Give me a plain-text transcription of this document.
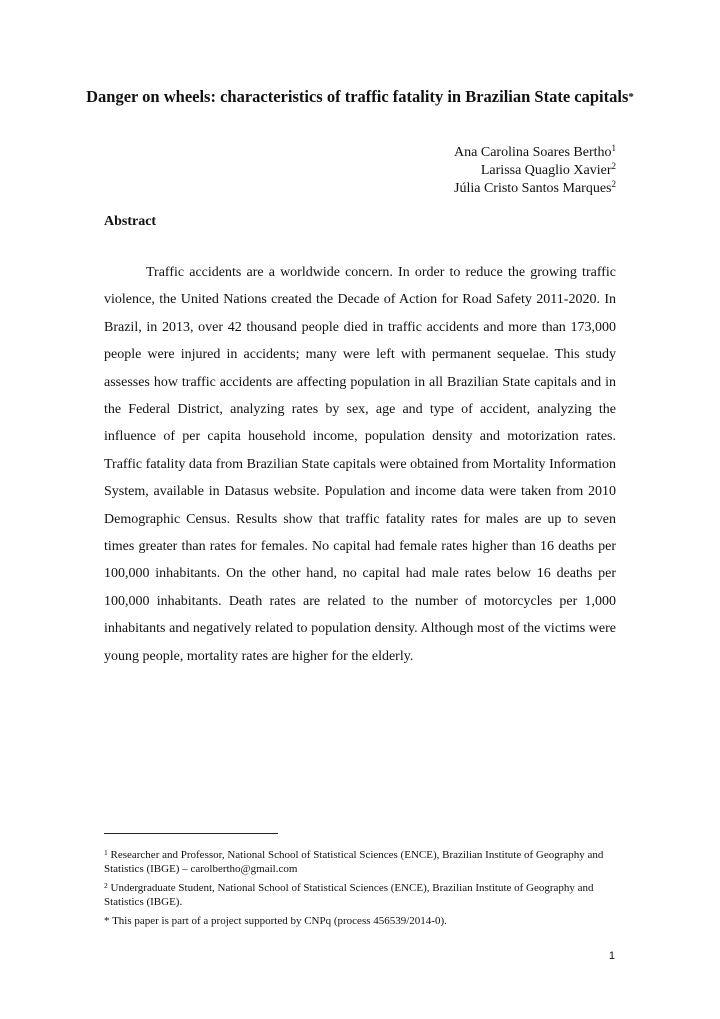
Danger on wheels: characteristics of traffic fatality in Brazilian State capitals*
Ana Carolina Soares Bertho$^1$
Larissa Quaglio Xavier$^2$
Júlia Cristo Santos Marques$^2$
Abstract

Traffic accidents are a worldwide concern. In order to reduce the growing traffic violence, the United Nations created the Decade of Action for Road Safety 2011-2020. In Brazil, in 2013, over 42 thousand people died in traffic accidents and more than 173,000 people were injured in accidents; many were left with permanent sequelae. This study assesses how traffic accidents are affecting population in all Brazilian State capitals and in the Federal District, analyzing rates by sex, age and type of accident, analyzing the influence of per capita household income, population density and motorization rates. Traffic fatality data from Brazilian State capitals were obtained from Mortality Information System, available in Datasus website. Population and income data were taken from 2010 Demographic Census. Results show that traffic fatality rates for males are up to seven times greater than rates for females. No capital had female rates higher than 16 deaths per 100,000 inhabitants. On the other hand, no capital had male rates below 16 deaths per 100,000 inhabitants. Death rates are related to the number of motorcycles per 1,000 inhabitants and negatively related to population density. Although most of the victims were young people, mortality rates are higher for the elderly.

$^1$ Researcher and Professor, National School of Statistical Sciences (ENCE), Brazilian Institute of Geography and Statistics (IBGE) – carolbertho@gmail.com

$^2$ Undergraduate Student, National School of Statistical Sciences (ENCE), Brazilian Institute of Geography and Statistics (IBGE).

* This paper is part of a project supported by CNPq (process 456539/2014-0).

1
